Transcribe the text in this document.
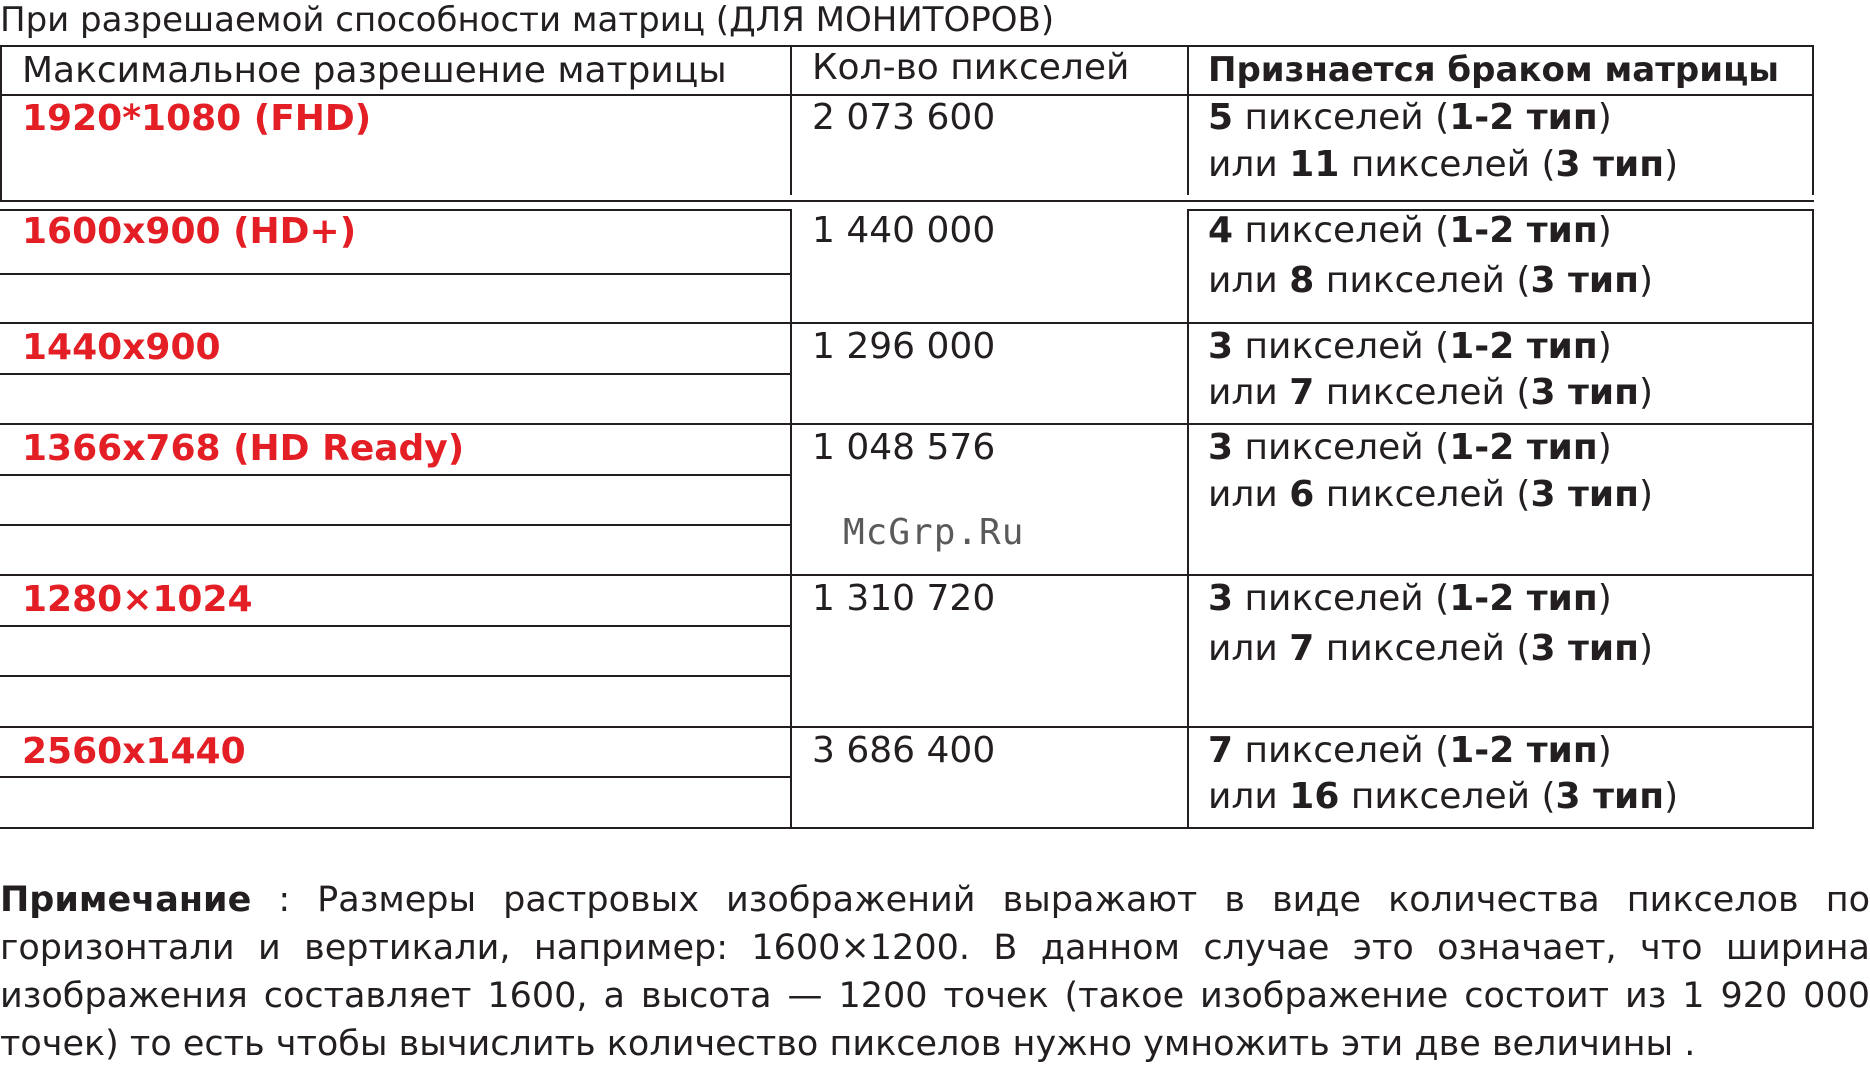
При разрешаемой способности матриц (ДЛЯ МОНИТОРОВ)
Максимальное разрешение матрицы Кол-во пикселей Признается браком матрицы
1920*1080 (FHD)
1600x900 (HD+)
1440x900
1366x768 (HD Ready)
1280×1024
2560x1440
2 073 600
1 440 000
1 296 000
1 048 576
1 310 720
3 686 400
5 пикселей (1-2 тип)
или 11 пикселей (3 тип)
4 пикселей (1-2 тип)
или 8 пикселей (3 тип)
3 пикселей (1-2 тип)
или 7 пикселей (3 тип)
3 пикселей (1-2 тип)
или 6 пикселей (3 тип)
3 пикселей (1-2 тип)
или 7 пикселей (3 тип)
7 пикселей (1-2 тип)
или 16 пикселей (3 тип)
McGrp.Ru

Примечание : Размеры растровых изображений выражают в виде количества пикселов по

горизонтали и вертикали, например: 1600×1200. В данном случае это означает, что ширина

изображения составляет 1600, а высота — 1200 точек (такое изображение состоит из 1 920 000

точек) то есть чтобы вычислить количество пикселов нужно умножить эти две величины .
